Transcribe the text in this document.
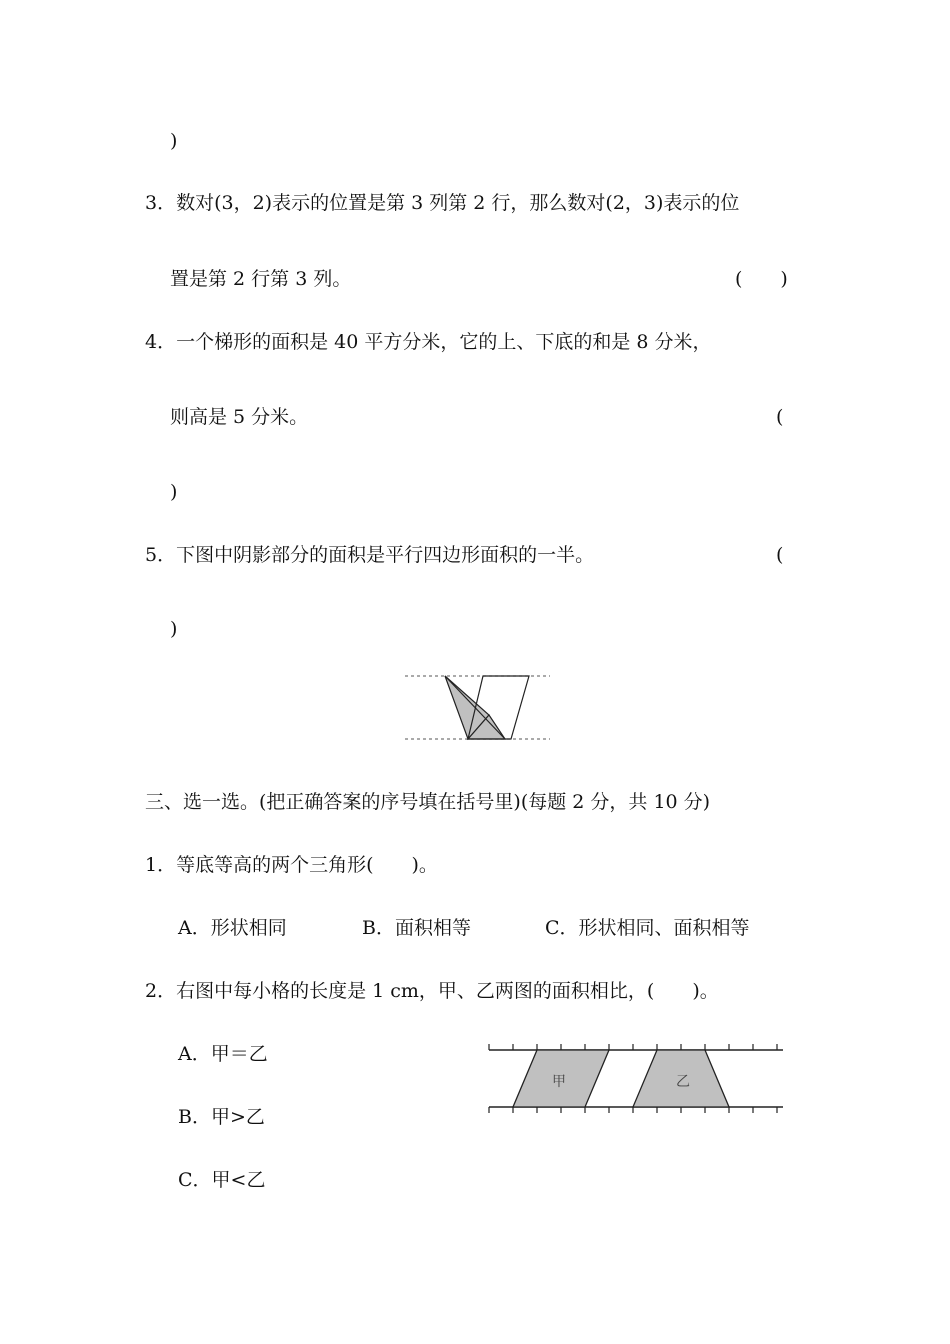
)
3．数对(3，2)表示的位置是第 3 列第 2 行，那么数对(2，3)表示的位
置是第 2 行第 3 列。	(　　)
4．一个梯形的面积是 40 平方分米，它的上、下底的和是 8 分米，
则高是 5 分米。	(
)
5．下图中阴影部分的面积是平行四边形面积的一半。	(
)
三、选一选。(把正确答案的序号填在括号里)(每题 2 分，共 10 分)
1．等底等高的两个三角形(　　)。
A．形状相同	B．面积相等	C．形状相同、面积相等
2．右图中每小格的长度是 1 cm，甲、乙两图的面积相比，(　　)。
A．甲＝乙
B．甲>乙
C．甲<乙
甲	乙
